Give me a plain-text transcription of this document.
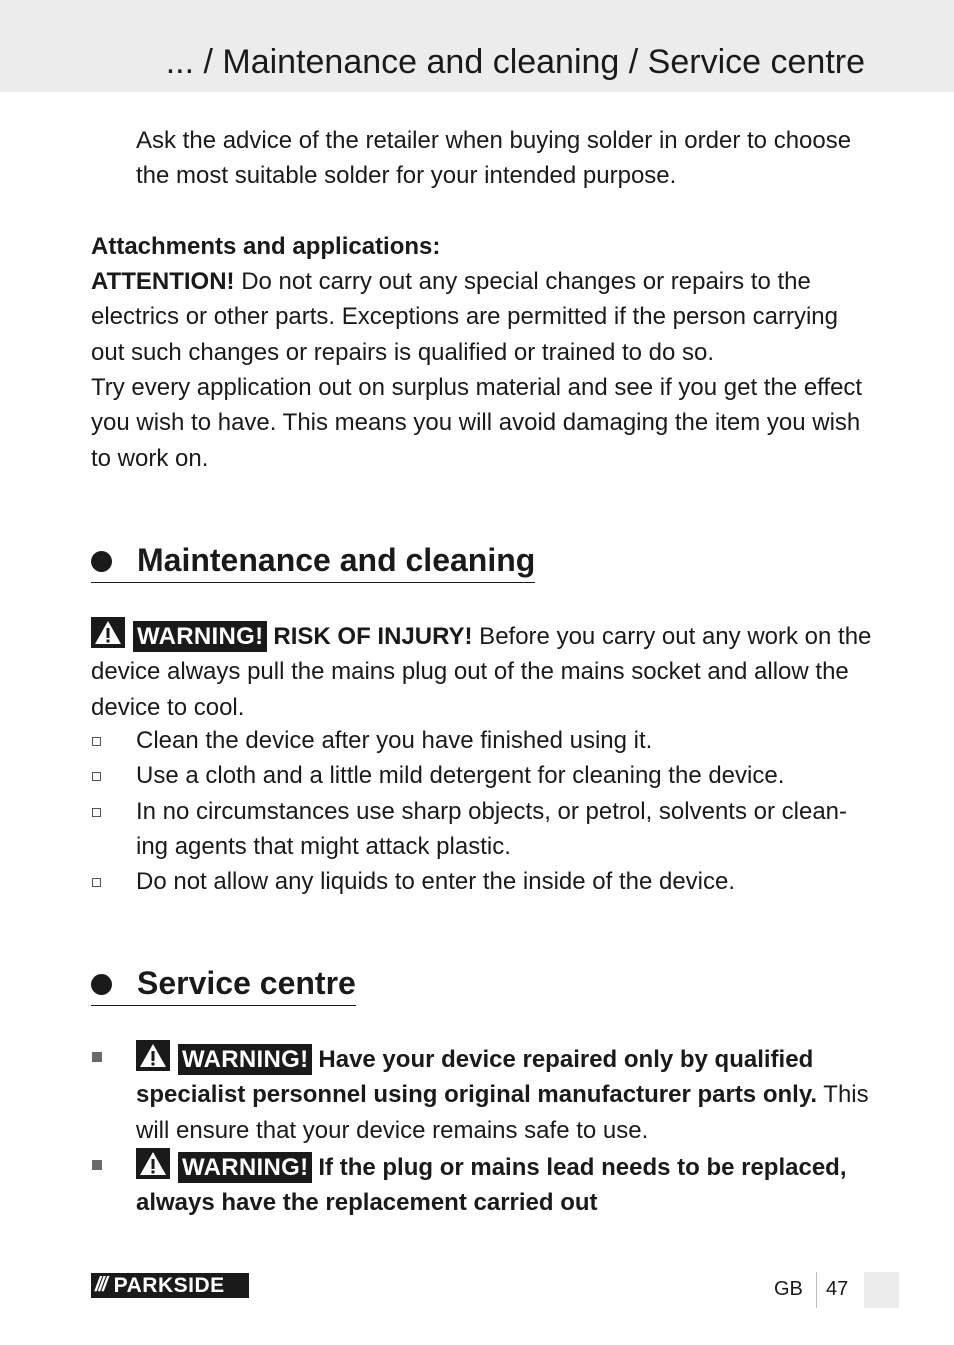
... / Maintenance and cleaning / Service centre

Ask the advice of the retailer when buying solder in order to choose the most suitable solder for your intended purpose.

Attachments and applications:

ATTENTION! Do not carry out any special changes or repairs to the electrics or other parts. Exceptions are permitted if the person carrying out such changes or repairs is qualified or trained to do so.

Try every application out on surplus material and see if you get the effect you wish to have. This means you will avoid damaging the item you wish to work on.

Maintenance and cleaning

WARNING! RISK OF INJURY! Before you carry out any work on the device always pull the mains plug out of the mains socket and allow the device to cool.

Clean the device after you have finished using it.
Use a cloth and a little mild detergent for cleaning the device.
In no circumstances use sharp objects, or petrol, solvents or clean-ing agents that might attack plastic.
Do not allow any liquids to enter the inside of the device.
Service centre
WARNING! Have your device repaired only by qualified specialist personnel using original manufacturer parts only. This will ensure that your device remains safe to use.
WARNING! If the plug or mains lead needs to be replaced, always have the replacement carried out
/// PARKSIDE	GB 47
